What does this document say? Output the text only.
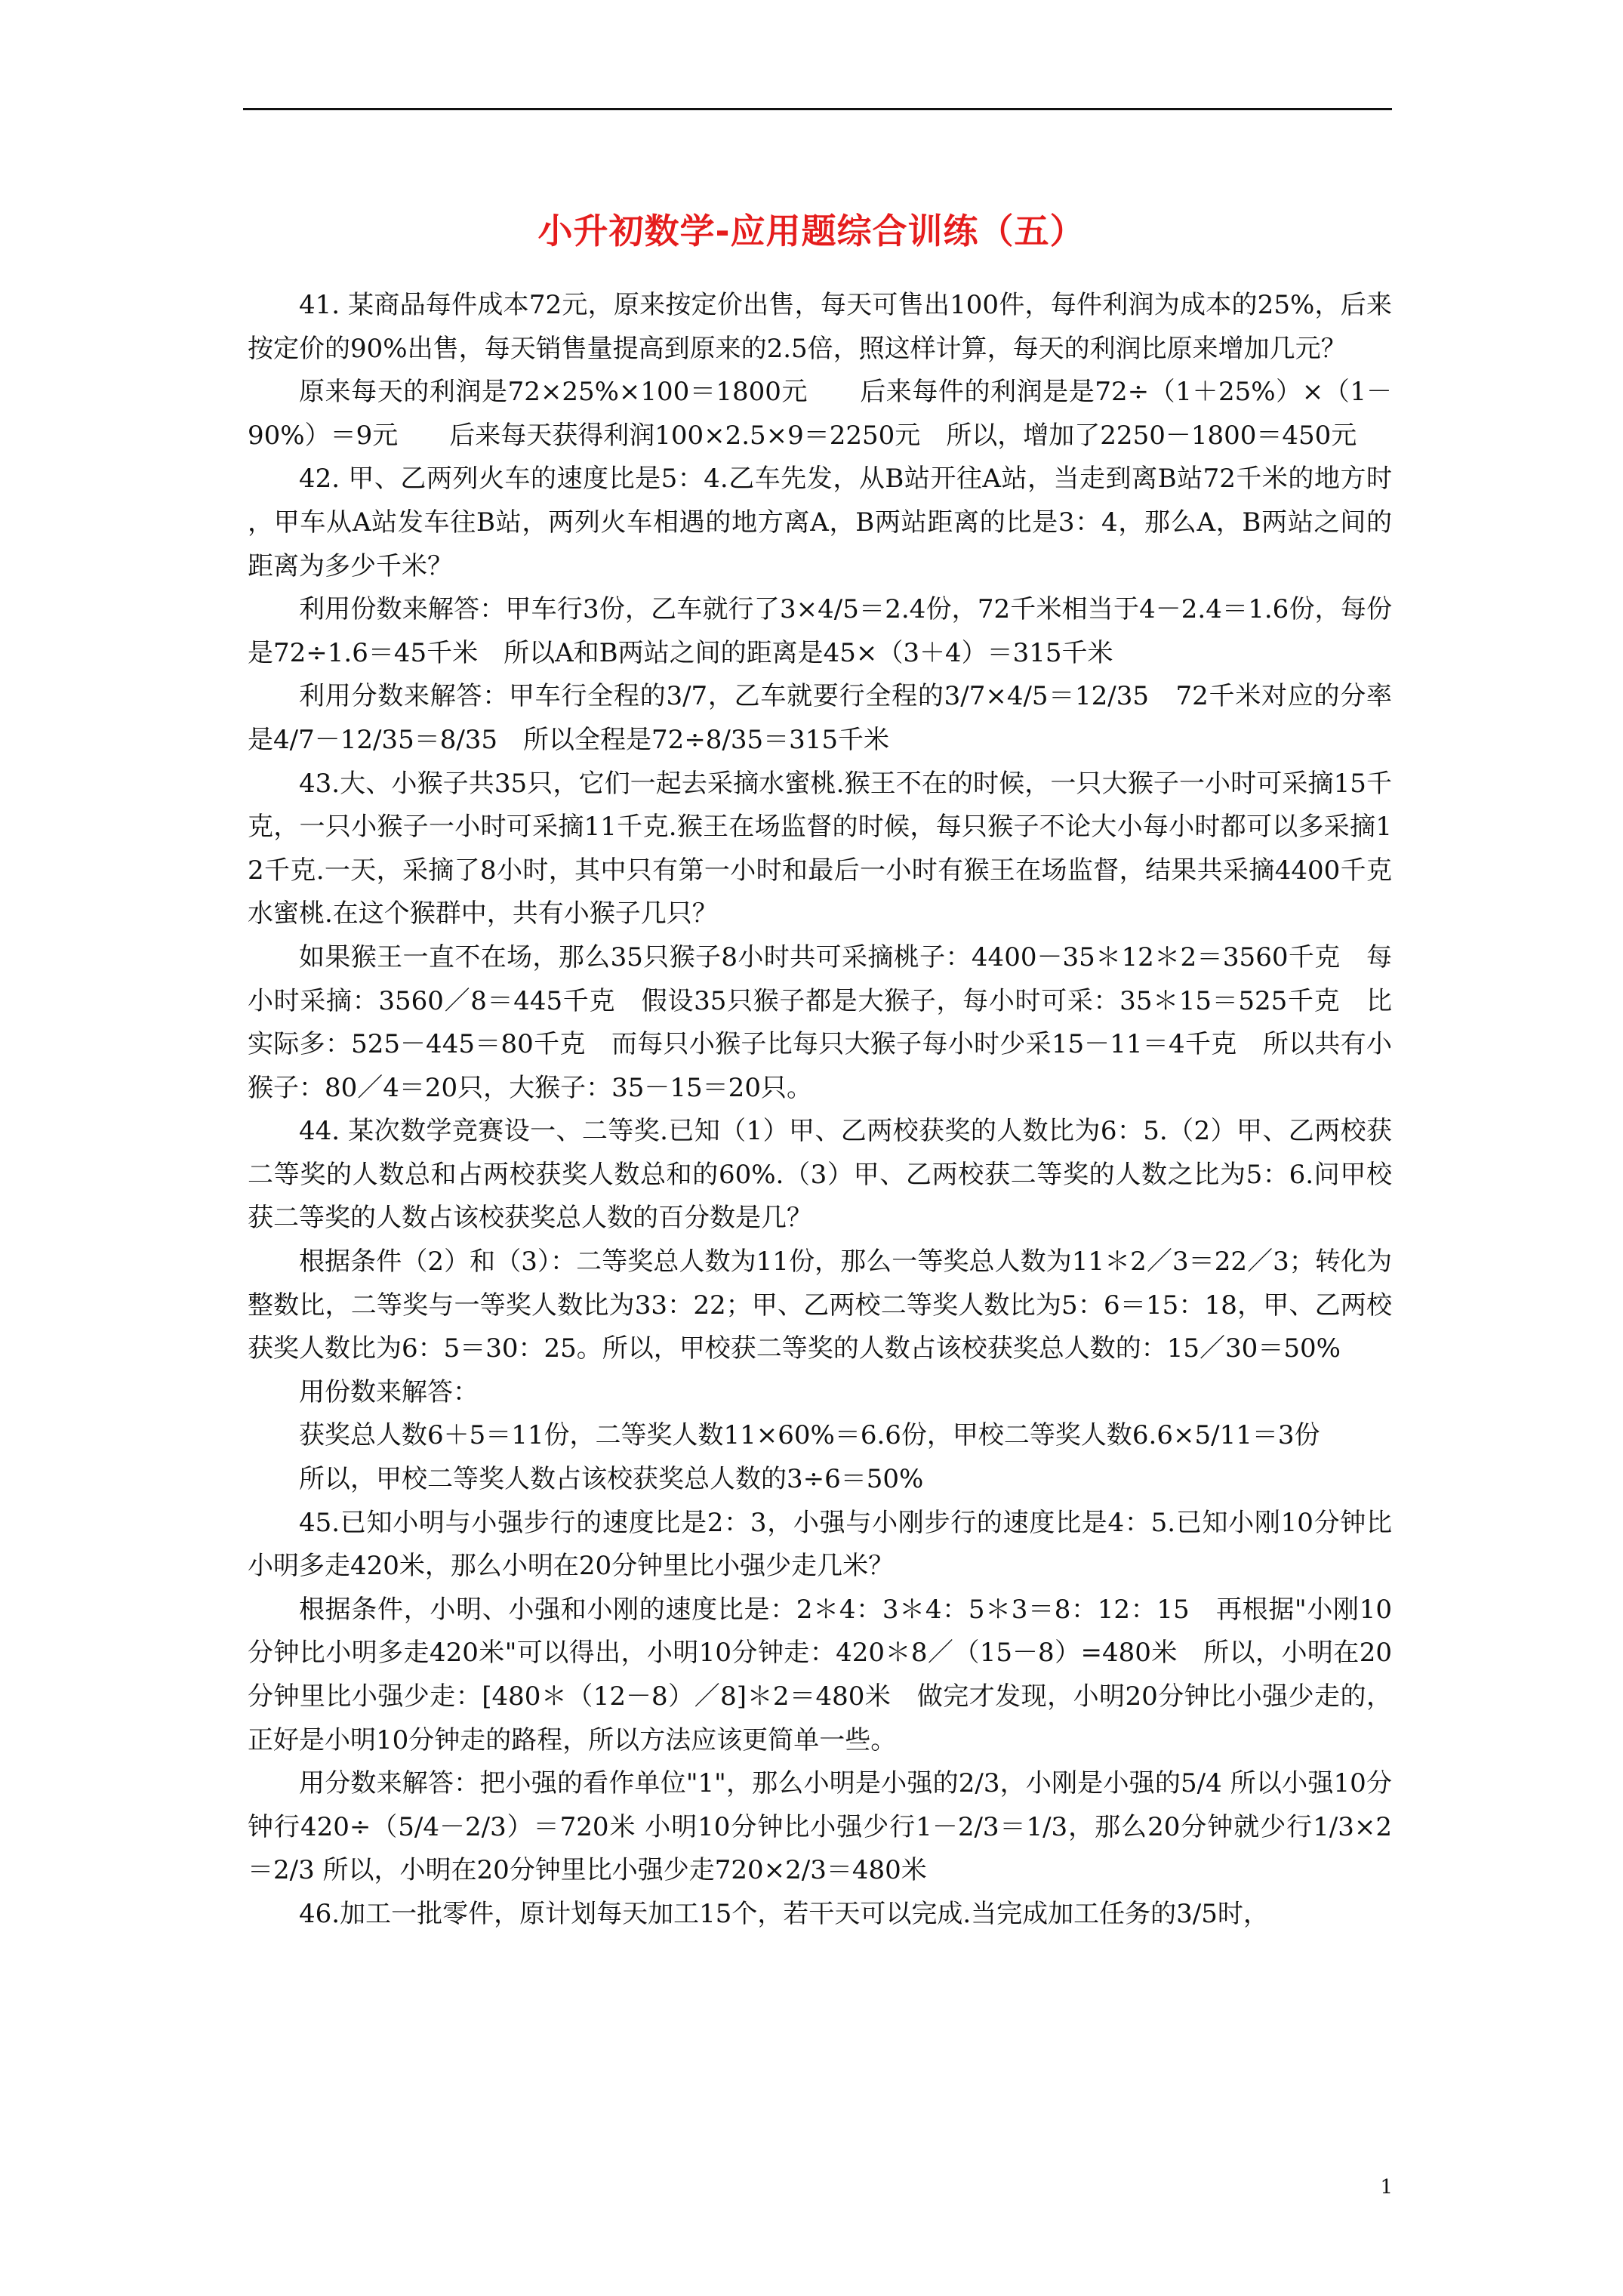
小升初数学-应用题综合训练（五）

41. 某商品每件成本72元，原来按定价出售，每天可售出100件，每件利润为成本的25%，后来按定价的90%出售，每天销售量提高到原来的2.5倍，照这样计算，每天的利润比原来增加几元？

原来每天的利润是72×25%×100＝1800元　　后来每件的利润是是72÷（1＋25%）×（1－90%）＝9元　　后来每天获得利润100×2.5×9＝2250元　所以，增加了2250－1800＝450元

42. 甲、乙两列火车的速度比是5：4.乙车先发，从B站开往A站，当走到离B站72千米的地方时，甲车从A站发车往B站，两列火车相遇的地方离A，B两站距离的比是3：4，那么A，B两站之间的距离为多少千米？

利用份数来解答：甲车行3份，乙车就行了3×4/5＝2.4份，72千米相当于4－2.4＝1.6份，每份是72÷1.6＝45千米　所以A和B两站之间的距离是45×（3＋4）＝315千米

利用分数来解答：甲车行全程的3/7，乙车就要行全程的3/7×4/5＝12/35　72千米对应的分率是4/7－12/35＝8/35　所以全程是72÷8/35＝315千米

43.大、小猴子共35只，它们一起去采摘水蜜桃.猴王不在的时候，一只大猴子一小时可采摘15千克，一只小猴子一小时可采摘11千克.猴王在场监督的时候，每只猴子不论大小每小时都可以多采摘12千克.一天，采摘了8小时，其中只有第一小时和最后一小时有猴王在场监督，结果共采摘4400千克水蜜桃.在这个猴群中，共有小猴子几只？

如果猴王一直不在场，那么35只猴子8小时共可采摘桃子：4400－35＊12＊2＝3560千克　每小时采摘：3560／8＝445千克　假设35只猴子都是大猴子，每小时可采：35＊15＝525千克　比实际多：525－445＝80千克　而每只小猴子比每只大猴子每小时少采15－11＝4千克　所以共有小猴子：80／4＝20只，大猴子：35－15＝20只。

44. 某次数学竞赛设一、二等奖.已知（1）甲、乙两校获奖的人数比为6：5.（2）甲、乙两校获二等奖的人数总和占两校获奖人数总和的60%.（3）甲、乙两校获二等奖的人数之比为5：6.问甲校获二等奖的人数占该校获奖总人数的百分数是几？

根据条件（2）和（3）：二等奖总人数为11份，那么一等奖总人数为11＊2／3＝22／3；转化为整数比，二等奖与一等奖人数比为33：22；甲、乙两校二等奖人数比为5：6＝15：18，甲、乙两校获奖人数比为6：5＝30：25。所以，甲校获二等奖的人数占该校获奖总人数的：15／30＝50%

用份数来解答：

获奖总人数6＋5＝11份，二等奖人数11×60%＝6.6份，甲校二等奖人数6.6×5/11＝3份

所以，甲校二等奖人数占该校获奖总人数的3÷6＝50%

45.已知小明与小强步行的速度比是2：3，小强与小刚步行的速度比是4：5.已知小刚10分钟比小明多走420米，那么小明在20分钟里比小强少走几米？

根据条件，小明、小强和小刚的速度比是：2＊4：3＊4：5＊3＝8：12：15　再根据"小刚10分钟比小明多走420米"可以得出，小明10分钟走：420＊8／（15－8）=480米　所以，小明在20分钟里比小强少走：[480＊（12－8）／8]＊2＝480米　做完才发现，小明20分钟比小强少走的，正好是小明10分钟走的路程，所以方法应该更简单一些。

用分数来解答：把小强的看作单位"1"，那么小明是小强的2/3，小刚是小强的5/4 所以小强10分钟行420÷（5/4－2/3）＝720米 小明10分钟比小强少行1－2/3＝1/3，那么20分钟就少行1/3×2＝2/3 所以，小明在20分钟里比小强少走720×2/3＝480米

46.加工一批零件，原计划每天加工15个，若干天可以完成.当完成加工任务的3/5时，

1
